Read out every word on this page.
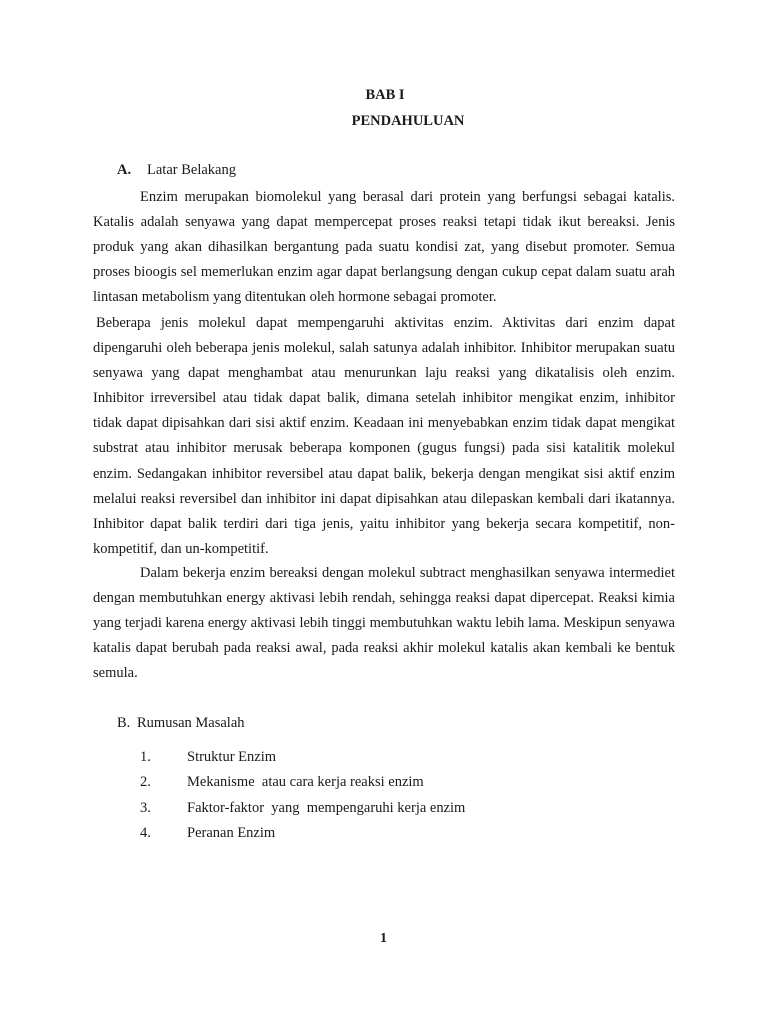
BAB I
PENDAHULUAN
A. Latar Belakang
Enzim merupakan biomolekul yang berasal dari protein yang berfungsi sebagai katalis. Katalis adalah senyawa yang dapat mempercepat proses reaksi tetapi tidak ikut bereaksi. Jenis produk yang akan dihasilkan bergantung pada suatu kondisi zat, yang disebut promoter. Semua proses bioogis sel memerlukan enzim agar dapat berlangsung dengan cukup cepat dalam suatu arah lintasan metabolism yang ditentukan oleh hormone sebagai promoter.
Beberapa jenis molekul dapat mempengaruhi aktivitas enzim. Aktivitas dari enzim dapat dipengaruhi oleh beberapa jenis molekul, salah satunya adalah inhibitor. Inhibitor merupakan suatu senyawa yang dapat menghambat atau menurunkan laju reaksi yang dikatalisis oleh enzim. Inhibitor irreversibel atau tidak dapat balik, dimana setelah inhibitor mengikat enzim, inhibitor tidak dapat dipisahkan dari sisi aktif enzim. Keadaan ini menyebabkan enzim tidak dapat mengikat substrat atau inhibitor merusak beberapa komponen (gugus fungsi) pada sisi katalitik molekul enzim. Sedangakan inhibitor reversibel atau dapat balik, bekerja dengan mengikat sisi aktif enzim melalui reaksi reversibel dan inhibitor ini dapat dipisahkan atau dilepaskan kembali dari ikatannya. Inhibitor dapat balik terdiri dari tiga jenis, yaitu inhibitor yang bekerja secara kompetitif, non-kompetitif, dan un-kompetitif.
Dalam bekerja enzim bereaksi dengan molekul subtract menghasilkan senyawa intermediet dengan membutuhkan energy aktivasi lebih rendah, sehingga reaksi dapat dipercepat. Reaksi kimia yang terjadi karena energy aktivasi lebih tinggi membutuhkan waktu lebih lama. Meskipun senyawa katalis dapat berubah pada reaksi awal, pada reaksi akhir molekul katalis akan kembali ke bentuk semula.
B. Rumusan Masalah
1. Struktur Enzim
2. Mekanisme  atau cara kerja reaksi enzim
3. Faktor-faktor  yang  mempengaruhi kerja enzim
4. Peranan Enzim
1
